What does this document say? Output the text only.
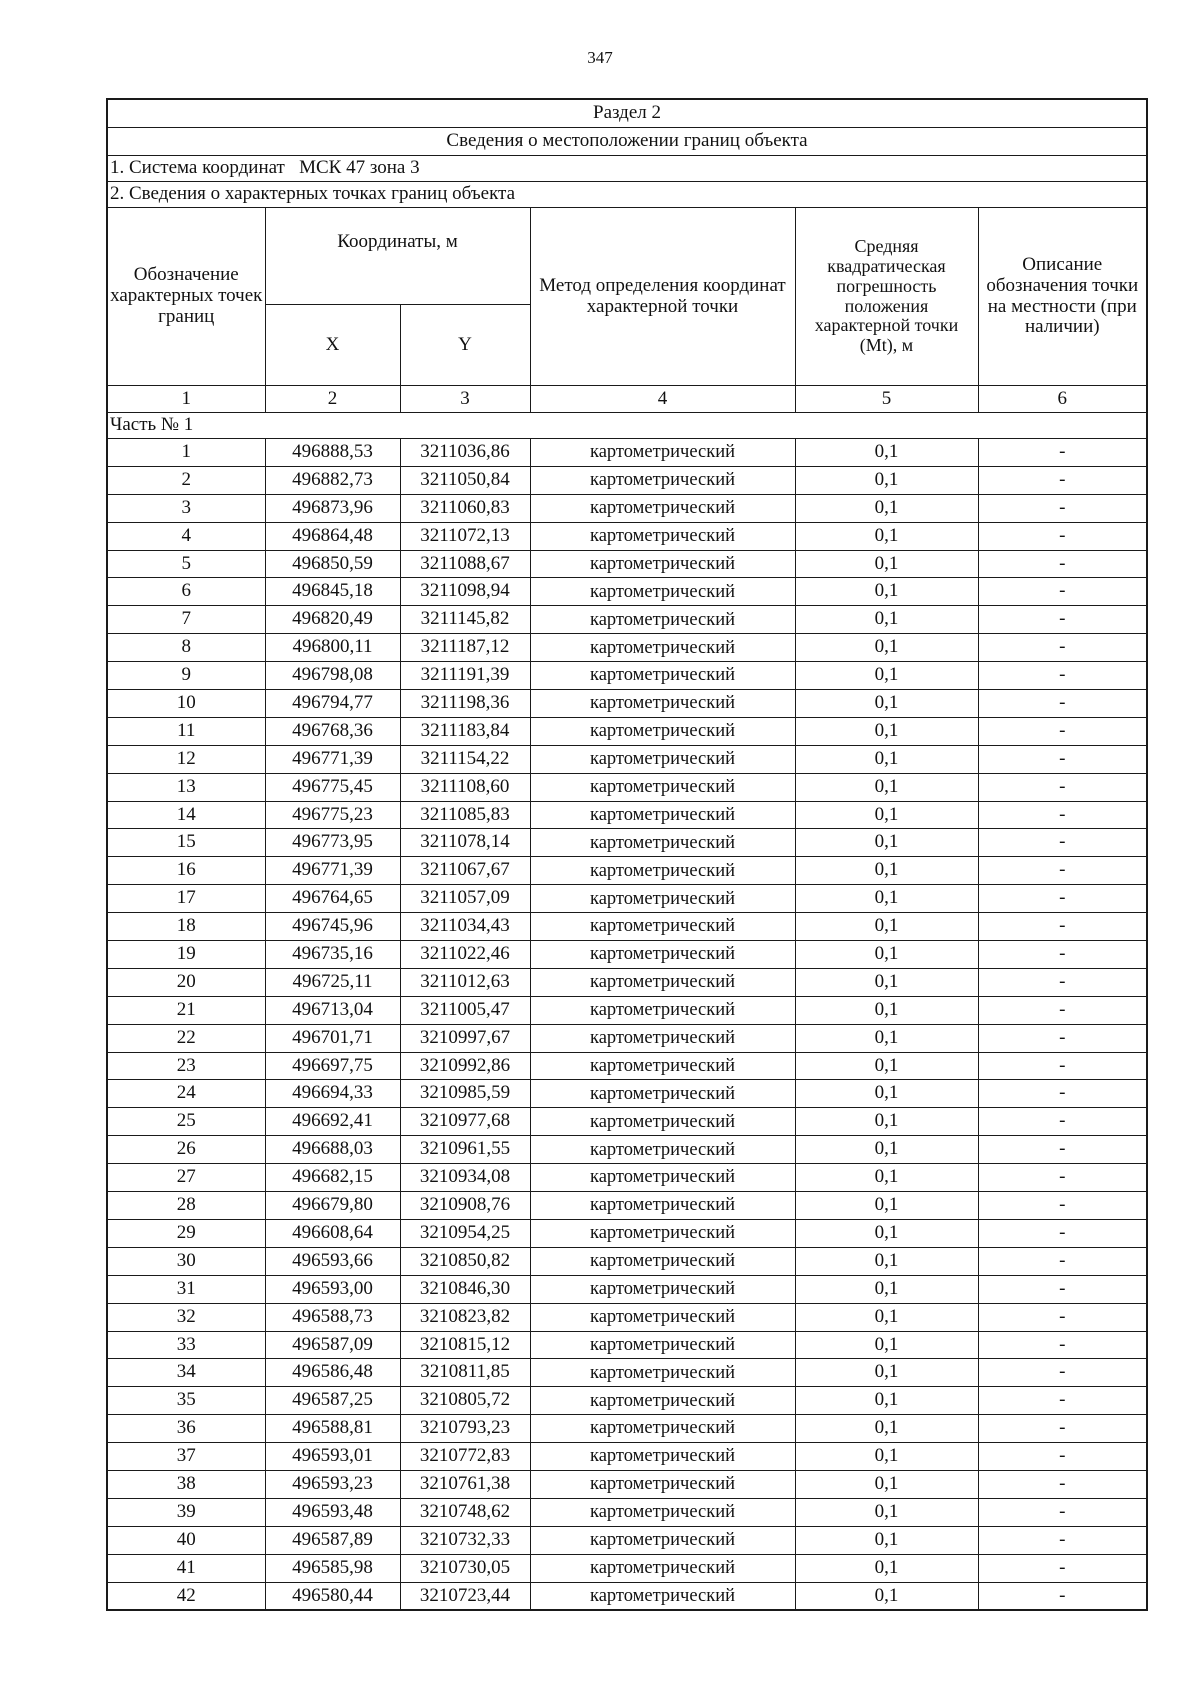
347
Раздел 2					
Сведения о местоположении границ объекта					
1. Система координат   МСК 47 зона 3					
2. Сведения о характерных точках границ объекта					
Обозначение характерных точек границ	Координаты, м		Метод определения координат характерной точки	Средняя квадратическая погрешность положения характерной точки (Mt), м	Описание обозначения точки на местности (при наличии)
	X	Y			
1	2	3	4	5	6
Часть № 1					
1	496888,53	3211036,86	картометрический	0,1	-
2	496882,73	3211050,84	картометрический	0,1	-
3	496873,96	3211060,83	картометрический	0,1	-
4	496864,48	3211072,13	картометрический	0,1	-
5	496850,59	3211088,67	картометрический	0,1	-
6	496845,18	3211098,94	картометрический	0,1	-
7	496820,49	3211145,82	картометрический	0,1	-
8	496800,11	3211187,12	картометрический	0,1	-
9	496798,08	3211191,39	картометрический	0,1	-
10	496794,77	3211198,36	картометрический	0,1	-
11	496768,36	3211183,84	картометрический	0,1	-
12	496771,39	3211154,22	картометрический	0,1	-
13	496775,45	3211108,60	картометрический	0,1	-
14	496775,23	3211085,83	картометрический	0,1	-
15	496773,95	3211078,14	картометрический	0,1	-
16	496771,39	3211067,67	картометрический	0,1	-
17	496764,65	3211057,09	картометрический	0,1	-
18	496745,96	3211034,43	картометрический	0,1	-
19	496735,16	3211022,46	картометрический	0,1	-
20	496725,11	3211012,63	картометрический	0,1	-
21	496713,04	3211005,47	картометрический	0,1	-
22	496701,71	3210997,67	картометрический	0,1	-
23	496697,75	3210992,86	картометрический	0,1	-
24	496694,33	3210985,59	картометрический	0,1	-
25	496692,41	3210977,68	картометрический	0,1	-
26	496688,03	3210961,55	картометрический	0,1	-
27	496682,15	3210934,08	картометрический	0,1	-
28	496679,80	3210908,76	картометрический	0,1	-
29	496608,64	3210954,25	картометрический	0,1	-
30	496593,66	3210850,82	картометрический	0,1	-
31	496593,00	3210846,30	картометрический	0,1	-
32	496588,73	3210823,82	картометрический	0,1	-
33	496587,09	3210815,12	картометрический	0,1	-
34	496586,48	3210811,85	картометрический	0,1	-
35	496587,25	3210805,72	картометрический	0,1	-
36	496588,81	3210793,23	картометрический	0,1	-
37	496593,01	3210772,83	картометрический	0,1	-
38	496593,23	3210761,38	картометрический	0,1	-
39	496593,48	3210748,62	картометрический	0,1	-
40	496587,89	3210732,33	картометрический	0,1	-
41	496585,98	3210730,05	картометрический	0,1	-
42	496580,44	3210723,44	картометрический	0,1	-
